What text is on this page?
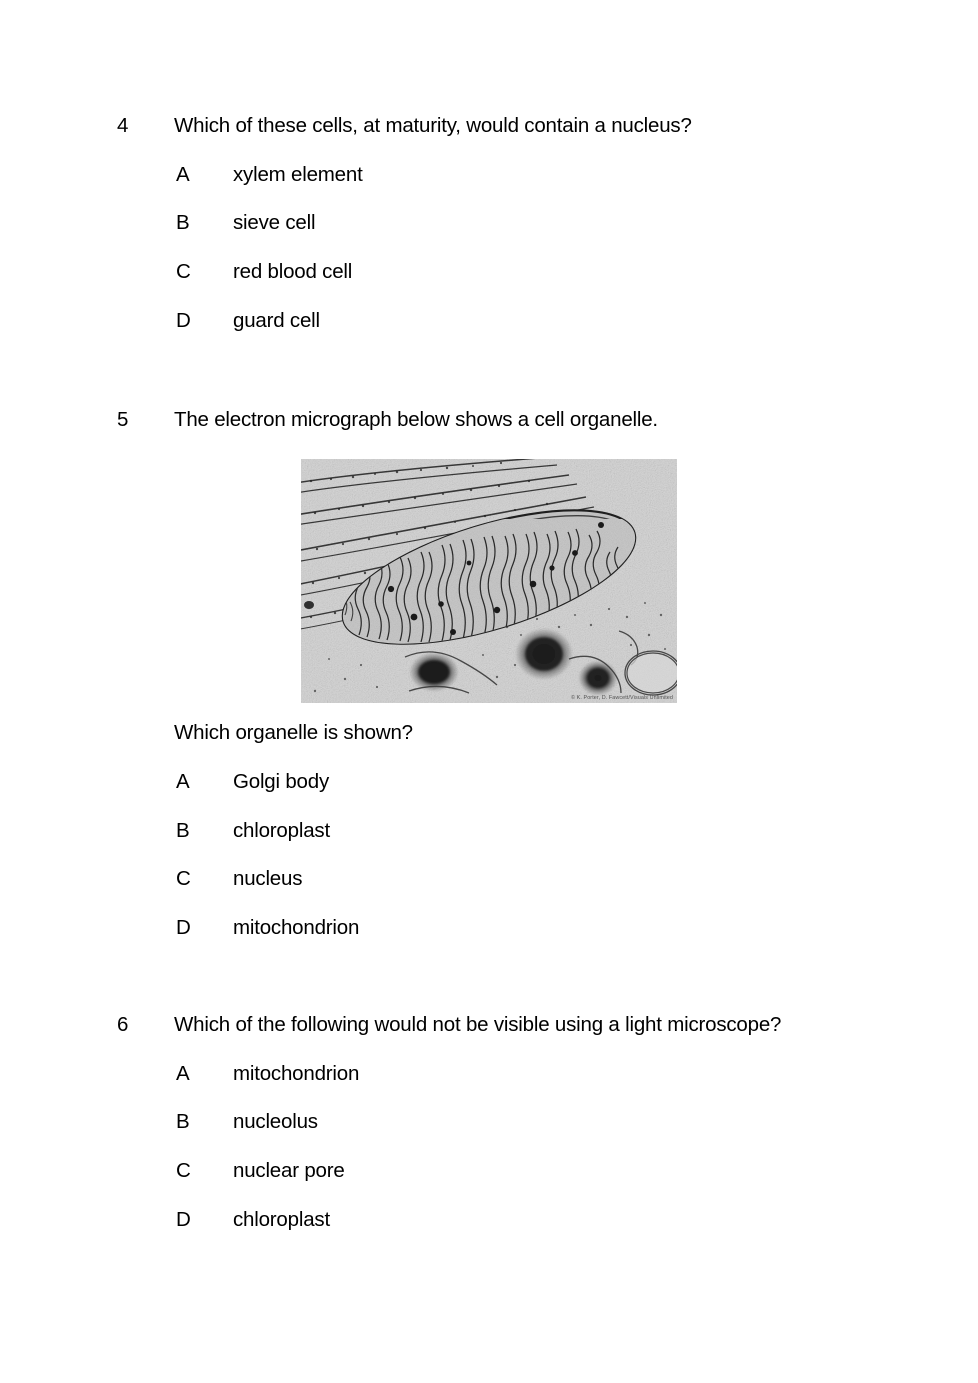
4 Which of these cells, at maturity, would contain a nucleus?
A xylem element
B sieve cell
C red blood cell
D guard cell
5 The electron micrograph below shows a cell organelle.
© K. Porter, D. Fawcett/Visuals Unlimited
Which organelle is shown?
A Golgi body
B chloroplast
C nucleus
D mitochondrion
6 Which of the following would not be visible using a light microscope?
A mitochondrion
B nucleolus
C nuclear pore
D chloroplast
